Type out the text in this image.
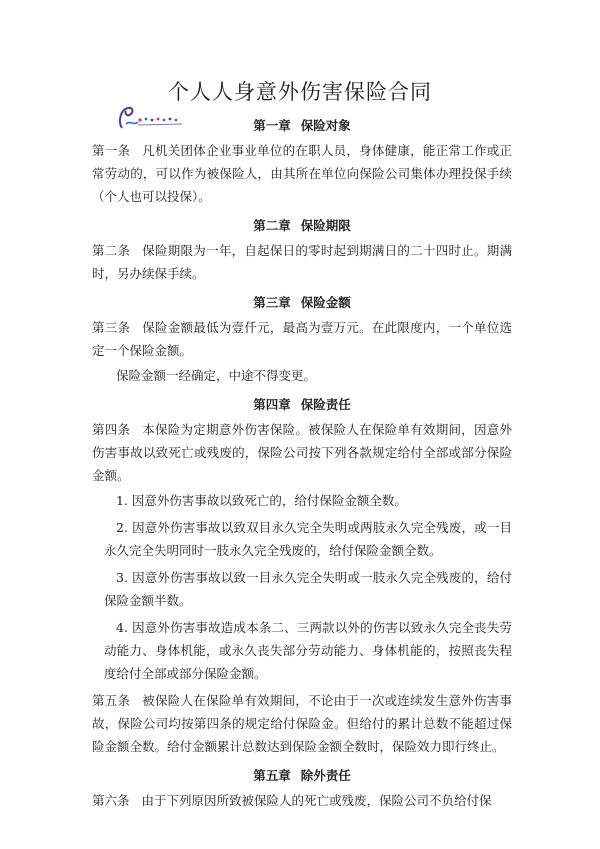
个人人身意外伤害保险合同
第一章 保险对象
第一条 凡机关团体企业事业单位的在职人员，身体健康，能正常工作或正常劳动的，可以作为被保险人，由其所在单位向保险公司集体办理投保手续（个人也可以投保）。
第二章 保险期限
第二条 保险期限为一年，自起保日的零时起到期满日的二十四时止。期满时，另办续保手续。
第三章 保险金额
第三条 保险金额最低为壹仟元，最高为壹万元。在此限度内，一个单位选定一个保险金额。
保险金额一经确定，中途不得变更。
第四章 保险责任
第四条 本保险为定期意外伤害保险。被保险人在保险单有效期间，因意外伤害事故以致死亡或残废的，保险公司按下列各款规定给付全部或部分保险金额。
1. 因意外伤害事故以致死亡的，给付保险金额全数。
2. 因意外伤害事故以致双目永久完全失明或两肢永久完全残废，或一目永久完全失明同时一肢永久完全残废的，给付保险金额全数。
3. 因意外伤害事故以致一目永久完全失明或一肢永久完全残废的，给付保险金额半数。
4. 因意外伤害事故造成本条二、三两款以外的伤害以致永久完全丧失劳动能力、身体机能，或永久丧失部分劳动能力、身体机能的，按照丧失程度给付全部或部分保险金额。
第五条 被保险人在保险单有效期间，不论由于一次或连续发生意外伤害事故，保险公司均按第四条的规定给付保险金。但给付的累计总数不能超过保险金额全数。给付金额累计总数达到保险金额全数时，保险效力即行终止。
第五章 除外责任
第六条 由于下列原因所致被保险人的死亡或残废，保险公司不负给付保
